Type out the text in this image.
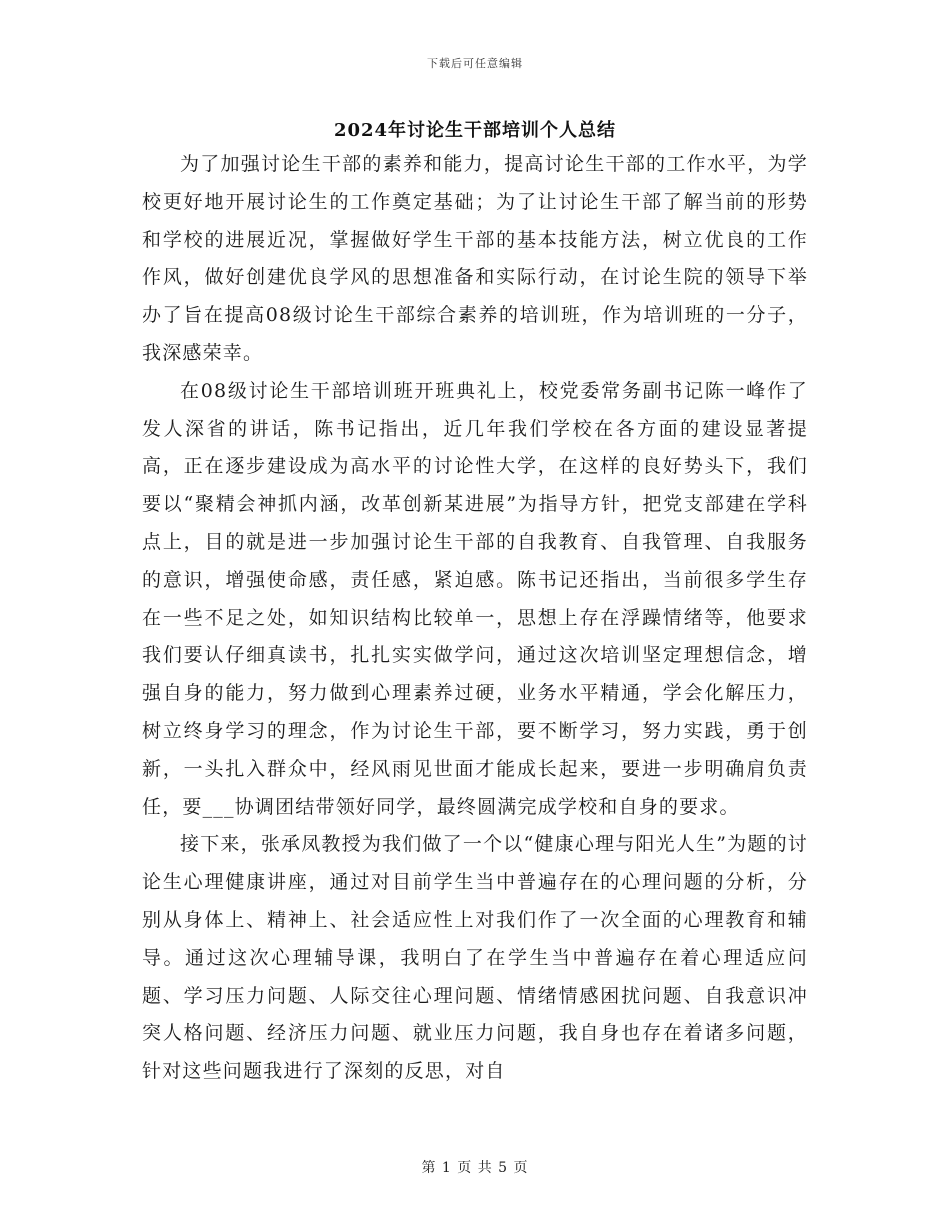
下载后可任意编辑
2024年讨论生干部培训个人总结

为了加强讨论生干部的素养和能力，提高讨论生干部的工作水平，为学校更好地开展讨论生的工作奠定基础；为了让讨论生干部了解当前的形势和学校的进展近况，掌握做好学生干部的基本技能方法，树立优良的工作作风，做好创建优良学风的思想准备和实际行动，在讨论生院的领导下举办了旨在提高08级讨论生干部综合素养的培训班，作为培训班的一分子，我深感荣幸。

在08级讨论生干部培训班开班典礼上，校党委常务副书记陈一峰作了发人深省的讲话，陈书记指出，近几年我们学校在各方面的建设显著提高，正在逐步建设成为高水平的讨论性大学，在这样的良好势头下，我们要以“聚精会神抓内涵，改革创新某进展”为指导方针，把党支部建在学科点上，目的就是进一步加强讨论生干部的自我教育、自我管理、自我服务的意识，增强使命感，责任感，紧迫感。陈书记还指出，当前很多学生存在一些不足之处，如知识结构比较单一，思想上存在浮躁情绪等，他要求我们要认仔细真读书，扎扎实实做学问，通过这次培训坚定理想信念，增强自身的能力，努力做到心理素养过硬，业务水平精通，学会化解压力，树立终身学习的理念，作为讨论生干部，要不断学习，努力实践，勇于创新，一头扎入群众中，经风雨见世面才能成长起来，要进一步明确肩负责任，要___协调团结带领好同学，最终圆满完成学校和自身的要求。

接下来，张承凤教授为我们做了一个以“健康心理与阳光人生”为题的讨论生心理健康讲座，通过对目前学生当中普遍存在的心理问题的分析，分别从身体上、精神上、社会适应性上对我们作了一次全面的心理教育和辅导。通过这次心理辅导课，我明白了在学生当中普遍存在着心理适应问题、学习压力问题、人际交往心理问题、情绪情感困扰问题、自我意识冲突人格问题、经济压力问题、就业压力问题，我自身也存在着诸多问题，针对这些问题我进行了深刻的反思，对自

第 1 页 共 5 页
